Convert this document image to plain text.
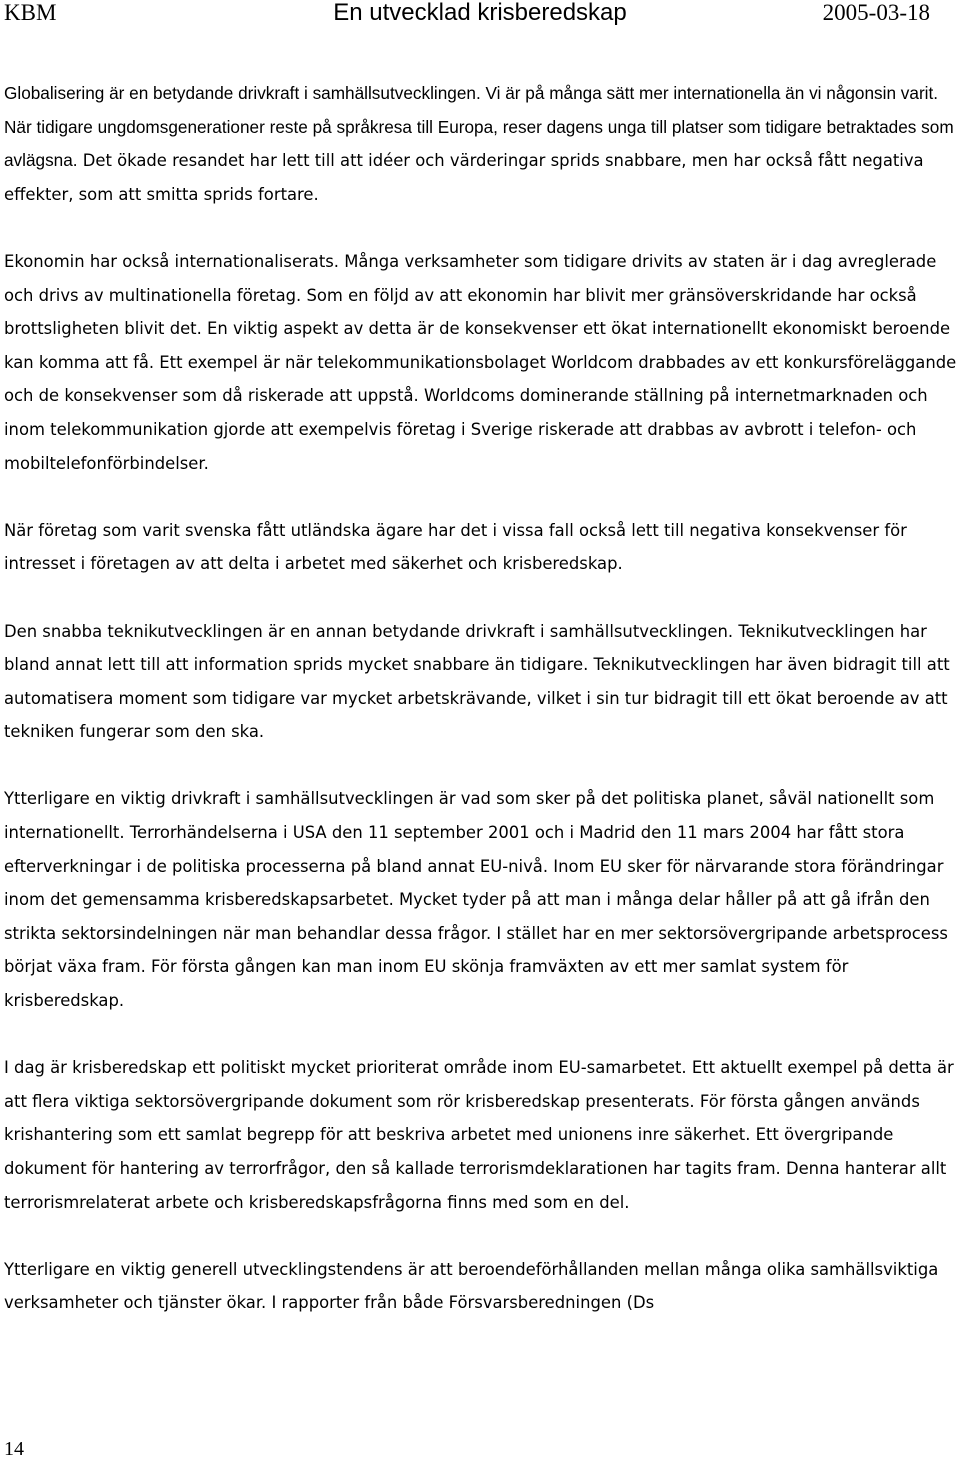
KBM	En utvecklad krisberedskap	2005-03-18

Globalisering är en betydande drivkraft i samhällsutvecklingen. Vi är på många sätt mer internationella än vi någonsin varit. När tidigare ungdomsgenerationer reste på språkresa till Europa, reser dagens unga till platser som tidigare betraktades som avlägsna. Det ökade resandet har lett till att idéer och värderingar sprids snabbare, men har också fått negativa effekter, som att smitta sprids fortare.

Ekonomin har också internationaliserats. Många verksamheter som tidigare drivits av staten är i dag avreglerade och drivs av multinationella företag. Som en följd av att ekonomin har blivit mer gränsöverskridande har också brottsligheten blivit det. En viktig aspekt av detta är de konsekvenser ett ökat internationellt ekonomiskt beroende kan komma att få. Ett exempel är när telekommunikationsbolaget Worldcom drabbades av ett konkursföreläggande och de konsekvenser som då riskerade att uppstå. Worldcoms dominerande ställning på internetmarknaden och inom telekommunikation gjorde att exempelvis företag i Sverige riskerade att drabbas av avbrott i telefon- och mobiltelefonförbindelser.

När företag som varit svenska fått utländska ägare har det i vissa fall också lett till negativa konsekvenser för intresset i företagen av att delta i arbetet med säkerhet och krisberedskap.

Den snabba teknikutvecklingen är en annan betydande drivkraft i samhällsutvecklingen. Teknikutvecklingen har bland annat lett till att information sprids mycket snabbare än tidigare. Teknikutvecklingen har även bidragit till att automatisera moment som tidigare var mycket arbetskrävande, vilket i sin tur bidragit till ett ökat beroende av att tekniken fungerar som den ska.

Ytterligare en viktig drivkraft i samhällsutvecklingen är vad som sker på det politiska planet, såväl nationellt som internationellt. Terrorhändelserna i USA den 11 september 2001 och i Madrid den 11 mars 2004 har fått stora efterverkningar i de politiska processerna på bland annat EU-nivå. Inom EU sker för närvarande stora förändringar inom det gemensamma krisberedskapsarbetet. Mycket tyder på att man i många delar håller på att gå ifrån den strikta sektorsindelningen när man behandlar dessa frågor. I stället har en mer sektorsövergripande arbetsprocess börjat växa fram. För första gången kan man inom EU skönja framväxten av ett mer samlat system för krisberedskap.

I dag är krisberedskap ett politiskt mycket prioriterat område inom EU-samarbetet. Ett aktuellt exempel på detta är att flera viktiga sektorsövergripande dokument som rör krisberedskap presenterats. För första gången används krishantering som ett samlat begrepp för att beskriva arbetet med unionens inre säkerhet. Ett övergripande dokument för hantering av terrorfrågor, den så kallade terrorismdeklarationen har tagits fram. Denna hanterar allt terrorismrelaterat arbete och krisberedskapsfrågorna finns med som en del.

Ytterligare en viktig generell utvecklingstendens är att beroendeförhållanden mellan många olika samhällsviktiga verksamheter och tjänster ökar. I rapporter från både Försvarsberedningen (Ds

14
